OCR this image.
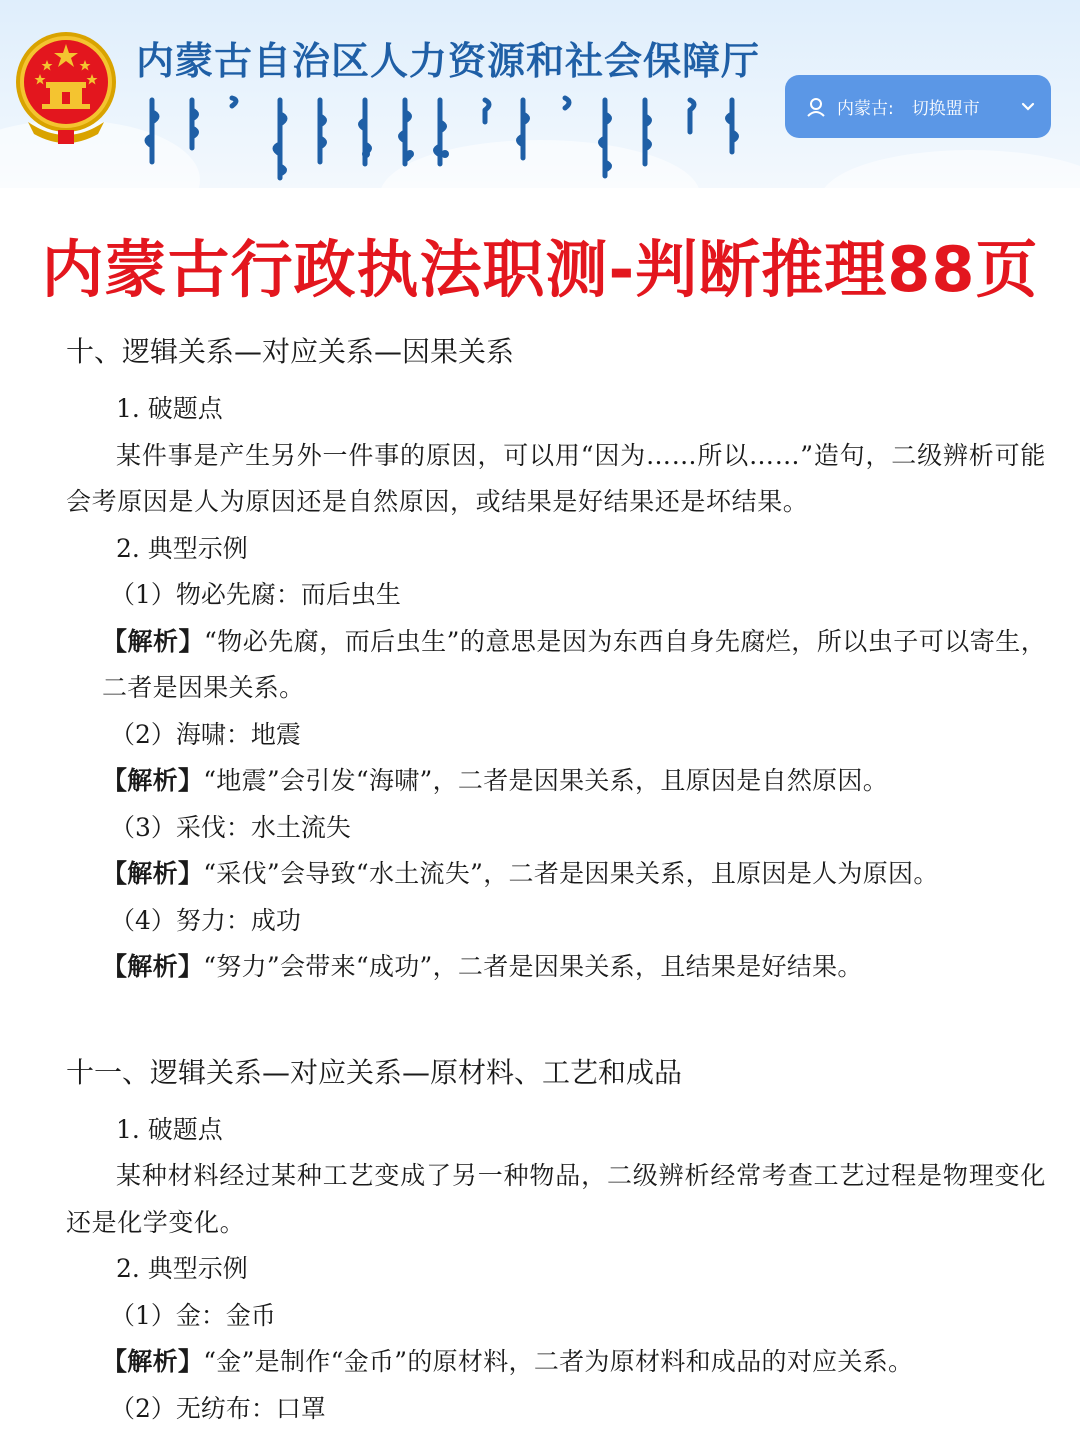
内蒙古自治区人力资源和社会保障厅
内蒙古: 切换盟市
内蒙古行政执法职测-判断推理88页
十、逻辑关系—对应关系—因果关系
1. 破题点
某件事是产生另外一件事的原因，可以用“因为……所以……”造句，二级辨析可能会考原因是人为原因还是自然原因，或结果是好结果还是坏结果。
2. 典型示例
（1）物必先腐：而后虫生
【解析】“物必先腐，而后虫生”的意思是因为东西自身先腐烂，所以虫子可以寄生，二者是因果关系。
（2）海啸：地震
【解析】“地震”会引发“海啸”，二者是因果关系，且原因是自然原因。
（3）采伐：水土流失
【解析】“采伐”会导致“水土流失”，二者是因果关系，且原因是人为原因。
（4）努力：成功
【解析】“努力”会带来“成功”，二者是因果关系，且结果是好结果。
十一、逻辑关系—对应关系—原材料、工艺和成品
1. 破题点
某种材料经过某种工艺变成了另一种物品，二级辨析经常考查工艺过程是物理变化还是化学变化。
2. 典型示例
（1）金：金币
【解析】“金”是制作“金币”的原材料，二者为原材料和成品的对应关系。
（2）无纺布：口罩
